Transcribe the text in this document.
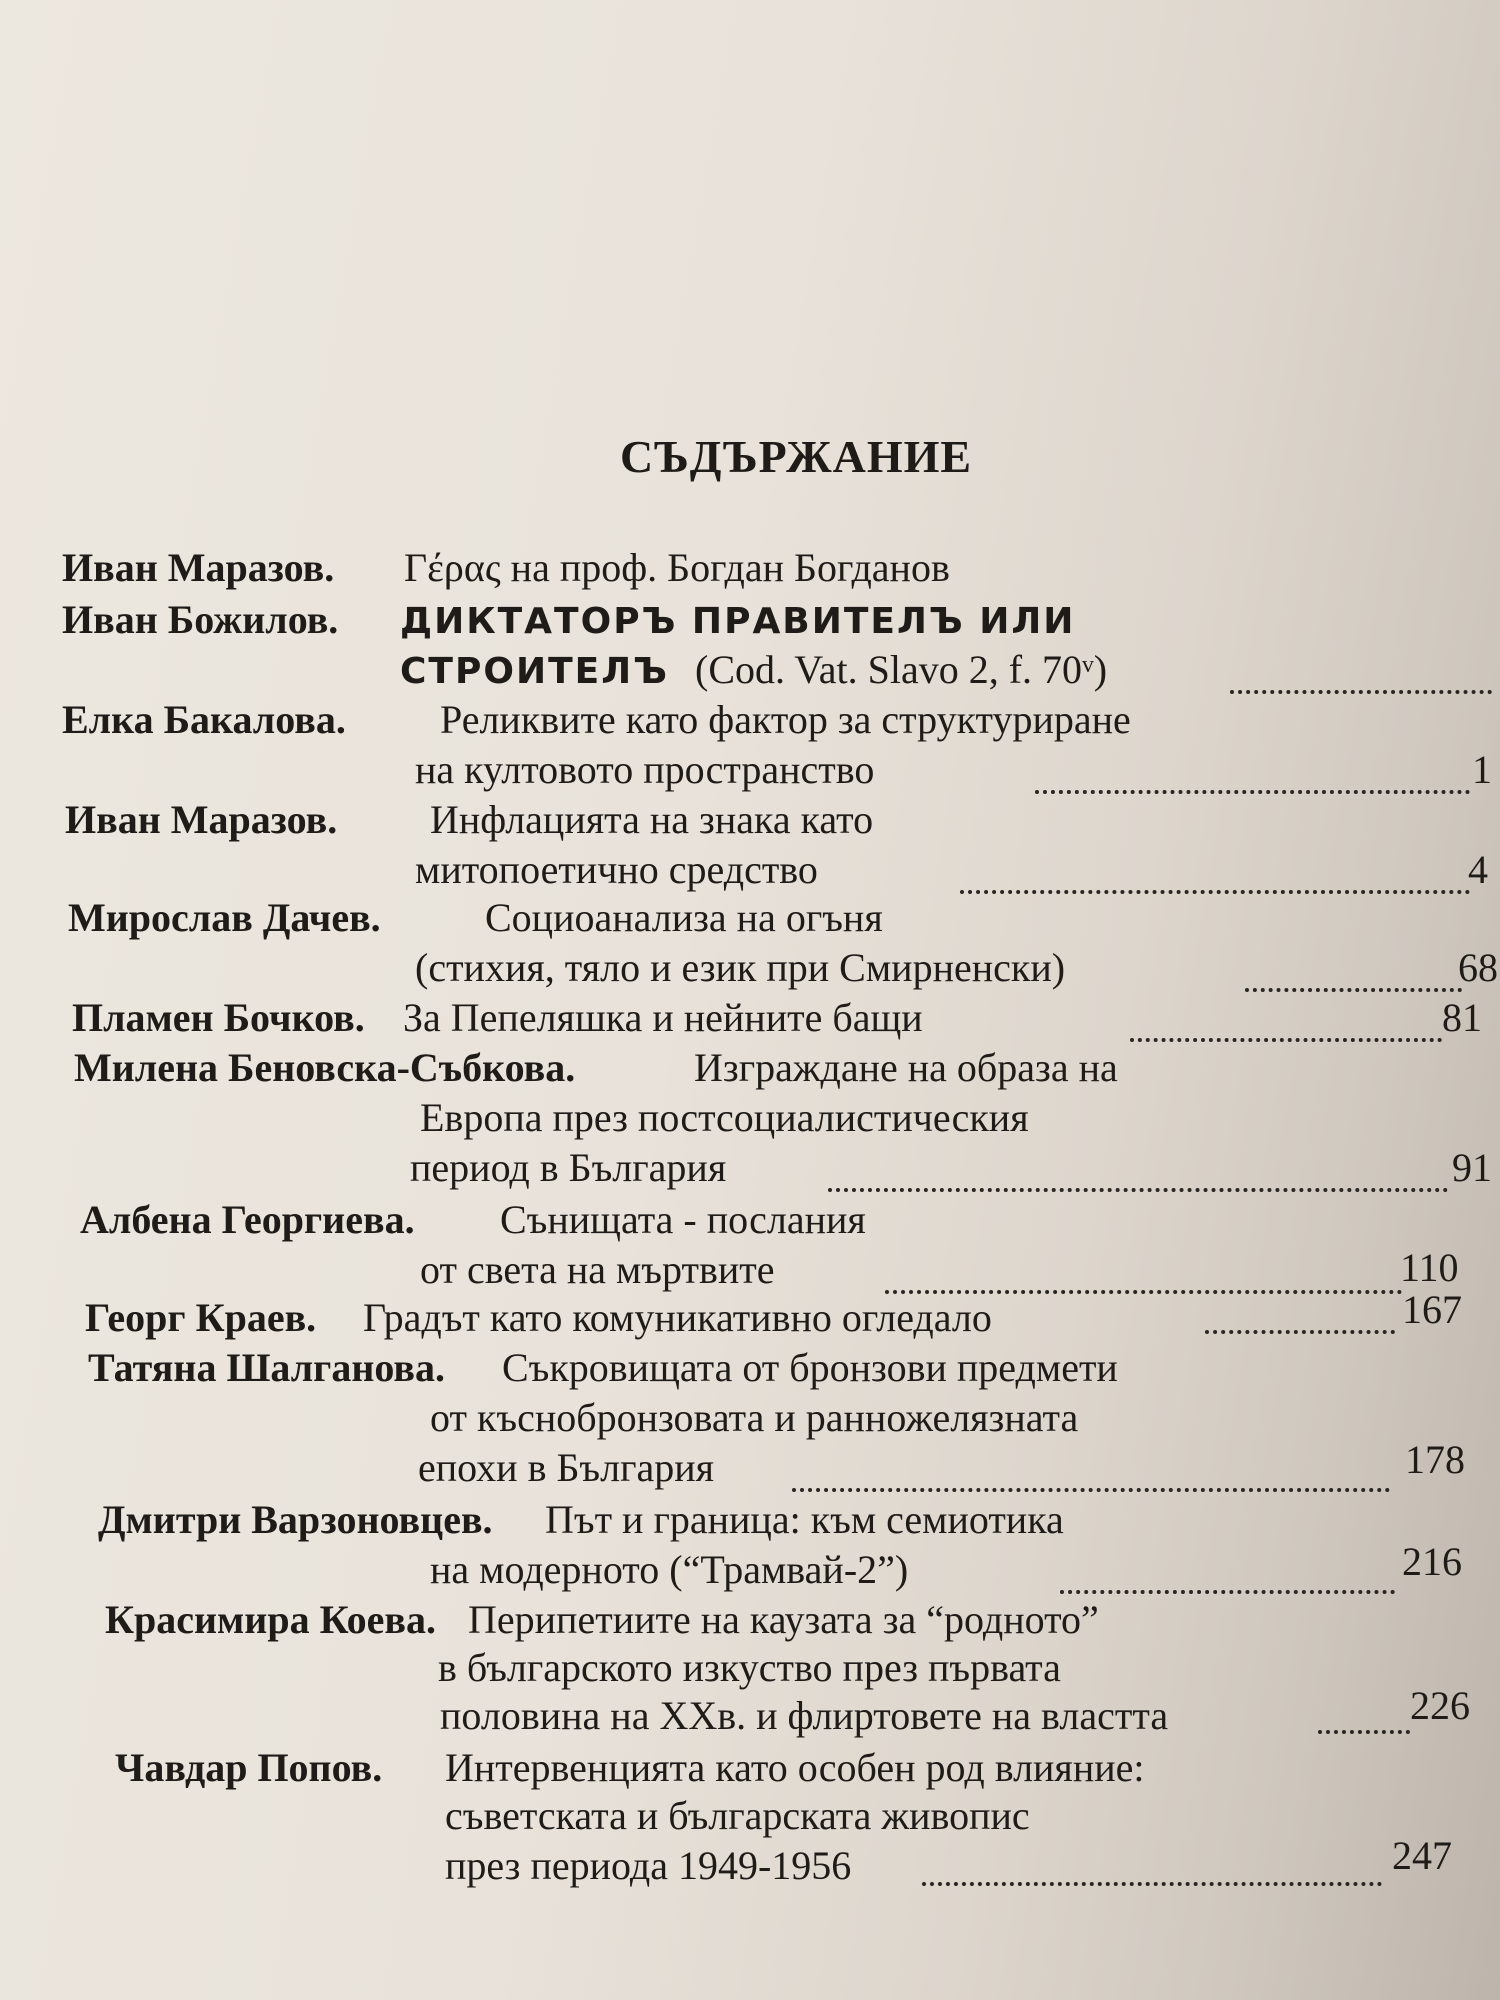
СЪДЪРЖАНИЕ
Иван Маразов. Γέρας на проф. Богдан Богданов
Иван Божилов. ДИКТАТОРЪ ПРАВИТЕЛЪ ИЛИ
СТРОИТЕЛЪ (Cod. Vat. Slavo 2, f. 70ᵛ)
Елка Бакалова. Реликвите като фактор за структуриране
на култовото пространство	1
Иван Маразов. Инфлацията на знака като
митопоетично средство	4
Мирослав Дачев.	Социоанализа на огъня
(стихия, тяло и език при Смирненски)	68
Пламен Бочков. За Пепеляшка и нейните бащи	81
Милена Беновска-Събкова.	Изграждане на образа на
Европа през постсоциалистическия
период в България	91
Албена Георгиева. Сънищата - послания
от света на мъртвите	110
Георг Краев. Градът като комуникативно огледало	167
Татяна Шалганова. Съкровищата от бронзови предмети
от къснобронзовата и ранножелязната
епохи в България	178
Дмитри Варзоновцев. Път и граница: към семиотика
на модерното (“Трамвай-2”)	216
Красимира Коева. Перипетиите на каузата за “родното”
в българското изкуство през първата
половина на XXв. и флиртовете на властта	226
Чавдар Попов. Интервенцията като особен род влияние:
съветската и българската живопис
през периода 1949-1956	247
